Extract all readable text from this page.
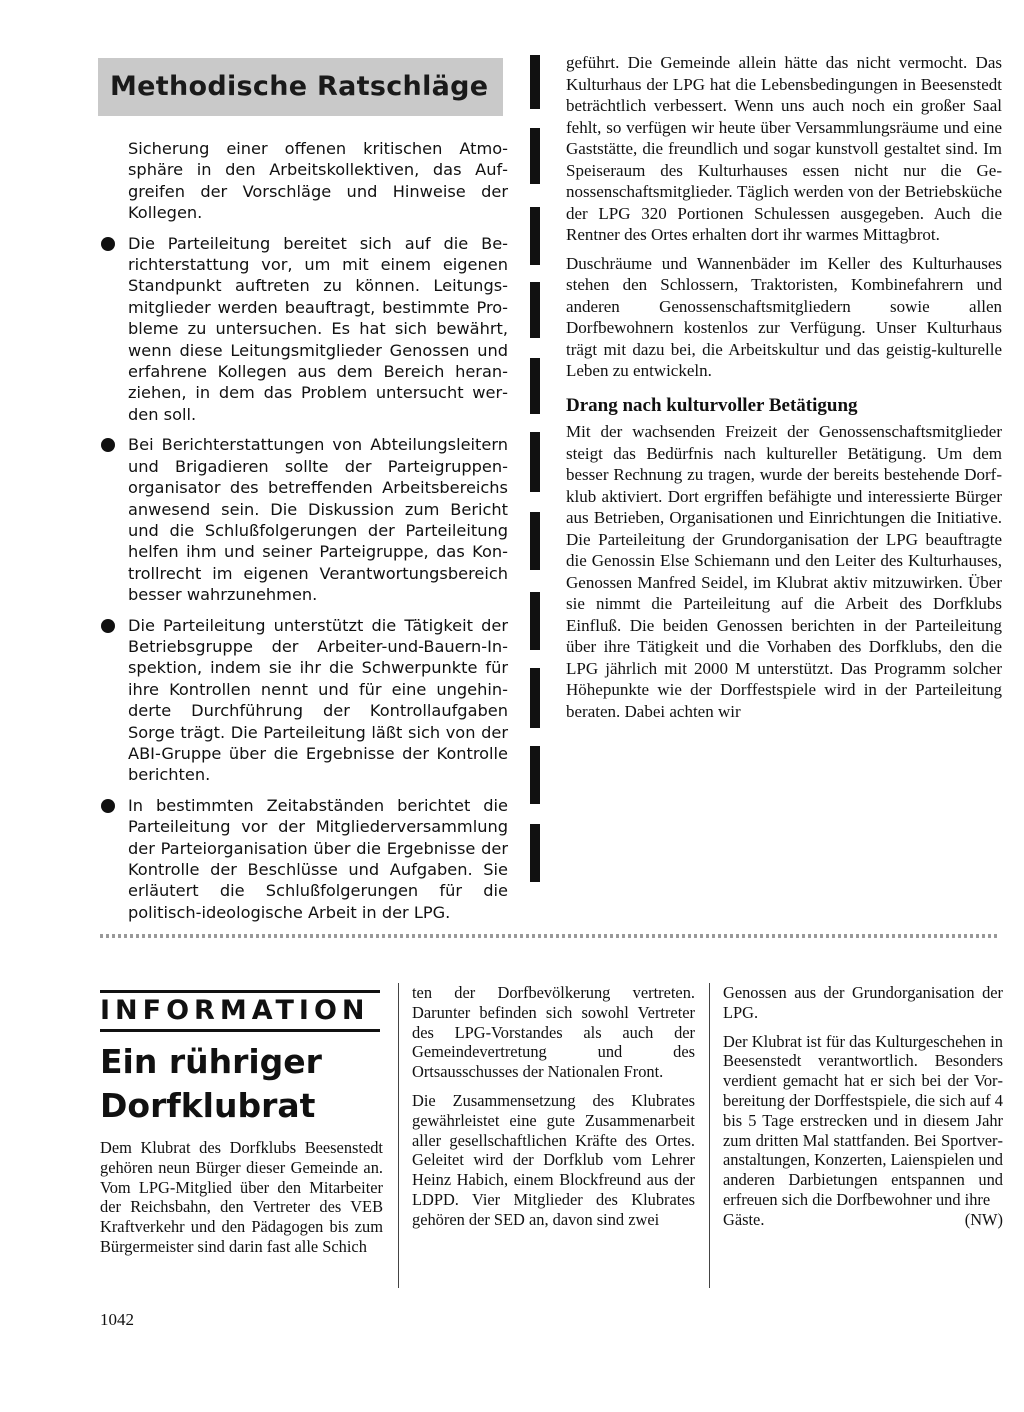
Methodische Ratschläge

Sicherung einer offenen kritischen Atmosphäre in den Arbeitskollektiven, das Aufgreifen der Vorschläge und Hinweise der Kollegen.

Die Parteileitung bereitet sich auf die Berichterstattung vor, um mit einem eigenen Standpunkt auftreten zu können. Leitungsmitglieder werden beauftragt, bestimmte Probleme zu untersuchen. Es hat sich bewährt, wenn diese Leitungsmitglieder Genossen und erfahrene Kollegen aus dem Bereich heranziehen, in dem das Problem untersucht werden soll.

Bei Berichterstattungen von Abteilungsleitern und Brigadieren sollte der Parteigruppenorganisator des betreffenden Arbeitsbereichs anwesend sein. Die Diskussion zum Bericht und die Schlußfolgerungen der Parteileitung helfen ihm und seiner Parteigruppe, das Kontrollrecht im eigenen Verantwortungsbereich besser wahrzunehmen.

Die Parteileitung unterstützt die Tätigkeit der Betriebsgruppe der Arbeiter-und-Bauern-Inspektion, indem sie ihr die Schwerpunkte für ihre Kontrollen nennt und für eine ungehinderte Durchführung der Kontrollaufgaben Sorge trägt. Die Parteileitung läßt sich von der ABI-Gruppe über die Ergebnisse der Kontrolle berichten.

In bestimmten Zeitabständen berichtet die Parteileitung vor der Mitgliederversammlung der Parteiorganisation über die Ergebnisse der Kontrolle der Beschlüsse und Aufgaben. Sie erläutert die Schlußfolgerungen für die politisch-ideologische Arbeit in der LPG.

geführt. Die Gemeinde allein hätte das nicht vermocht. Das Kulturhaus der LPG hat die Lebensbedingungen in Beesenstedt beträchtlich verbessert. Wenn uns auch noch ein großer Saal fehlt, so verfügen wir heute über Versammlungsräume und eine Gaststätte, die freundlich und sogar kunstvoll gestaltet sind. Im Speiseraum des Kulturhauses essen nicht nur die Genossenschaftsmitglieder. Täglich werden von der Betriebsküche der LPG 320 Portionen Schulessen ausgegeben. Auch die Rentner des Ortes erhalten dort ihr warmes Mittagbrot.

Duschräume und Wannenbäder im Keller des Kulturhauses stehen den Schlossern, Traktoristen, Kombinefahrern und anderen Genossenschaftsmitgliedern sowie allen Dorfbewohnern kostenlos zur Verfügung. Unser Kulturhaus trägt mit dazu bei, die Arbeitskultur und das geistig-kulturelle Leben zu entwickeln.

Drang nach kulturvoller Betätigung

Mit der wachsenden Freizeit der Genossenschaftsmitglieder steigt das Bedürfnis nach kultureller Betätigung. Um dem besser Rechnung zu tragen, wurde der bereits bestehende Dorfklub aktiviert. Dort ergriffen befähigte und interessierte Bürger aus Betrieben, Organisationen und Einrichtungen die Initiative. Die Parteileitung der Grundorganisation der LPG beauftragte die Genossin Else Schiemann und den Leiter des Kulturhauses, Genossen Manfred Seidel, im Klubrat aktiv mitzuwirken. Über sie nimmt die Parteileitung auf die Arbeit des Dorfklubs Einfluß. Die beiden Genossen berichten in der Parteileitung über ihre Tätigkeit und die Vorhaben des Dorfklubs, den die LPG jährlich mit 2000 M unterstützt. Das Programm solcher Höhepunkte wie der Dorffestspiele wird in der Parteileitung beraten. Dabei achten wir

INFORMATION
Ein rühriger
Dorfklubrat

Dem Klubrat des Dorfklubs Beesenstedt gehören neun Bürger dieser Gemeinde an. Vom LPG-Mitglied über den Mitarbeiter der Reichsbahn, den Vertreter des VEB Kraftverkehr und den Pädagogen bis zum Bürgermeister sind darin fast alle Schich

ten der Dorfbevölkerung vertreten. Darunter befinden sich sowohl Vertreter des LPG-Vorstandes als auch der Gemeindevertretung und des Ortsausschusses der Nationalen Front.

Die Zusammensetzung des Klubrates gewährleistet eine gute Zusammenarbeit aller gesellschaftlichen Kräfte des Ortes. Geleitet wird der Dorfklub vom Lehrer Heinz Habich, einem Blockfreund aus der LDPD. Vier Mitglieder des Klubrates gehören der SED an, davon sind zwei

Genossen aus der Grundorganisation der LPG.

Der Klubrat ist für das Kulturgeschehen in Beesenstedt verantwortlich. Besonders verdient gemacht hat er sich bei der Vorbereitung der Dorffestspiele, die sich auf 4 bis 5 Tage erstrecken und in diesem Jahr zum dritten Mal stattfanden. Bei Sportveranstaltungen, Konzerten, Laienspielen und anderen Darbietungen entspannen und erfreuen sich die Dorfbewohner und ihre

Gäste.	(NW)
1042
